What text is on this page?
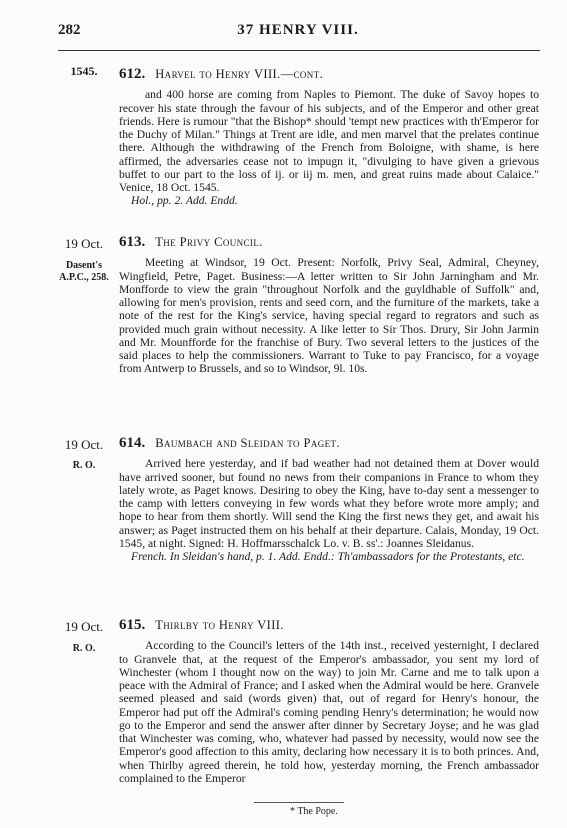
282	37 HENRY VIII.
1545.	612. Harvel to Henry VIII.—cont.

and 400 horse are coming from Naples to Piemont. The duke of Savoy hopes to recover his state through the favour of his subjects, and of the Emperor and other great friends. Here is rumour "that the Bishop* should 'tempt new practices with th'Emperor for the Duchy of Milan." Things at Trent are idle, and men marvel that the prelates continue there. Although the withdrawing of the French from Boloigne, with shame, is here affirmed, the adversaries cease not to impugn it, "divulging to have given a grievous buffet to our part to the loss of ij. or iij m. men, and great ruins made about Calaice." Venice, 18 Oct. 1545.

Hol., pp. 2. Add. Endd.

19 Oct.
Dasent's A.P.C., 258.
613. The Privy Council.

Meeting at Windsor, 19 Oct. Present: Norfolk, Privy Seal, Admiral, Cheyney, Wingfield, Petre, Paget. Business:—A letter written to Sir John Jarningham and Mr. Monfforde to view the grain "throughout Norfolk and the guyldhable of Suffolk" and, allowing for men's provision, rents and seed corn, and the furniture of the markets, take a note of the rest for the King's service, having special regard to regrators and such as provided much grain without necessity. A like letter to Sir Thos. Drury, Sir John Jarmin and Mr. Mounfforde for the franchise of Bury. Two several letters to the justices of the said places to help the commissioners. Warrant to Tuke to pay Francisco, for a voyage from Antwerp to Brussels, and so to Windsor, 9l. 10s.

19 Oct.
R. O.
614. Baumbach and Sleidan to Paget.

Arrived here yesterday, and if bad weather had not detained them at Dover would have arrived sooner, but found no news from their companions in France to whom they lately wrote, as Paget knows. Desiring to obey the King, have to-day sent a messenger to the camp with letters conveying in few words what they before wrote more amply; and hope to hear from them shortly. Will send the King the first news they get, and await his answer; as Paget instructed them on his behalf at their departure. Calais, Monday, 19 Oct. 1545, at night. Signed: H. Hoffmarsschalck Lo. v. B. ss'.: Joannes Sleidanus.

French. In Sleidan's hand, p. 1. Add. Endd.: Th'ambassadors for the Protestants, etc.

19 Oct.
R. O.
615. Thirlby to Henry VIII.

According to the Council's letters of the 14th inst., received yesternight, I declared to Granvele that, at the request of the Emperor's ambassador, you sent my lord of Winchester (whom I thought now on the way) to join Mr. Carne and me to talk upon a peace with the Admiral of France; and I asked when the Admiral would be here. Granvele seemed pleased and said (words given) that, out of regard for Henry's honour, the Emperor had put off the Admiral's coming pending Henry's determination; he would now go to the Emperor and send the answer after dinner by Secretary Joyse; and he was glad that Winchester was coming, who, whatever had passed by necessity, would now see the Emperor's good affection to this amity, declaring how necessary it is to both princes. And, when Thirlby agreed therein, he told how, yesterday morning, the French ambassador complained to the Emperor

* The Pope.
